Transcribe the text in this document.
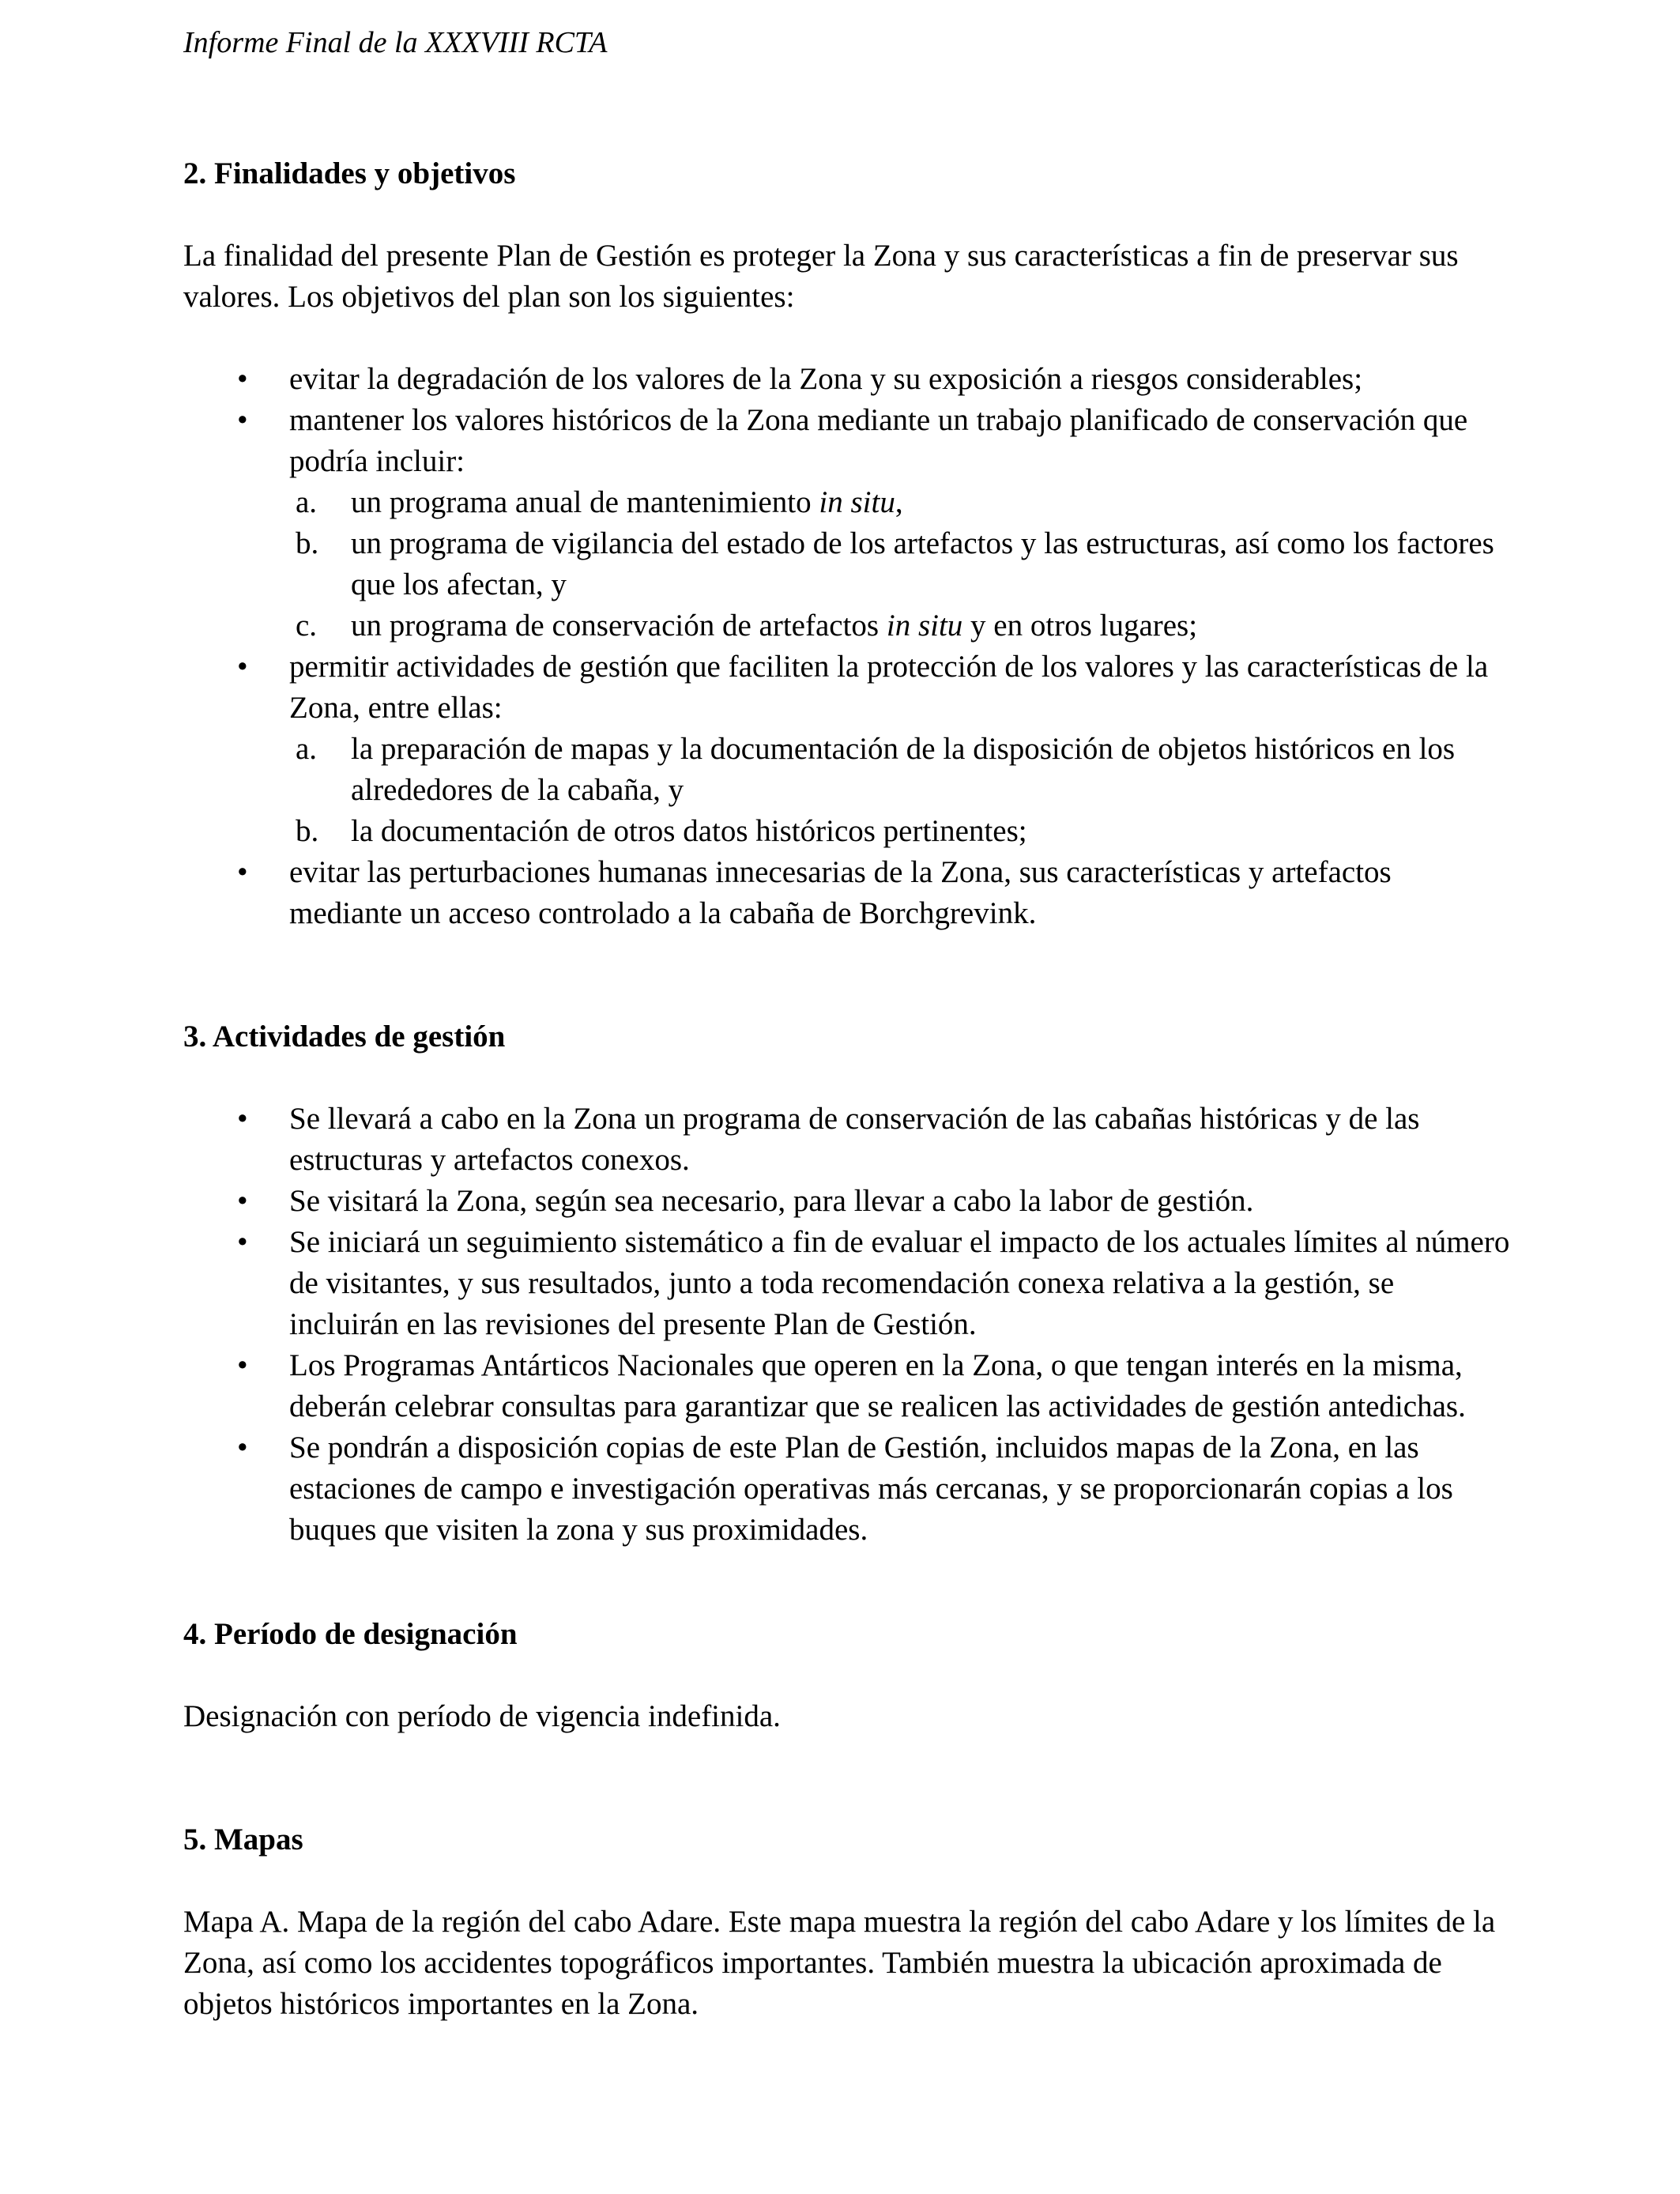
Informe Final de la XXXVIII RCTA

2. Finalidades y objetivos

La finalidad del presente Plan de Gestión es proteger la Zona y sus características a fin de preservar sus valores. Los objetivos del plan son los siguientes:

• evitar la degradación de los valores de la Zona y su exposición a riesgos considerables;
• mantener los valores históricos de la Zona mediante un trabajo planificado de conservación que podría incluir:
a. un programa anual de mantenimiento in situ,
b. un programa de vigilancia del estado de los artefactos y las estructuras, así como los factores que los afectan, y
c. un programa de conservación de artefactos in situ y en otros lugares;
• permitir actividades de gestión que faciliten la protección de los valores y las características de la Zona, entre ellas:
a. la preparación de mapas y la documentación de la disposición de objetos históricos en los alrededores de la cabaña, y
b. la documentación de otros datos históricos pertinentes;
• evitar las perturbaciones humanas innecesarias de la Zona, sus características y artefactos mediante un acceso controlado a la cabaña de Borchgrevink.
3. Actividades de gestión
• Se llevará a cabo en la Zona un programa de conservación de las cabañas históricas y de las estructuras y artefactos conexos.
• Se visitará la Zona, según sea necesario, para llevar a cabo la labor de gestión.
• Se iniciará un seguimiento sistemático a fin de evaluar el impacto de los actuales límites al número de visitantes, y sus resultados, junto a toda recomendación conexa relativa a la gestión, se incluirán en las revisiones del presente Plan de Gestión.
• Los Programas Antárticos Nacionales que operen en la Zona, o que tengan interés en la misma, deberán celebrar consultas para garantizar que se realicen las actividades de gestión antedichas.
• Se pondrán a disposición copias de este Plan de Gestión, incluidos mapas de la Zona, en las estaciones de campo e investigación operativas más cercanas, y se proporcionarán copias a los buques que visiten la zona y sus proximidades.
4. Período de designación

Designación con período de vigencia indefinida.

5. Mapas

Mapa A. Mapa de la región del cabo Adare. Este mapa muestra la región del cabo Adare y los límites de la Zona, así como los accidentes topográficos importantes. También muestra la ubicación aproximada de objetos históricos importantes en la Zona.
